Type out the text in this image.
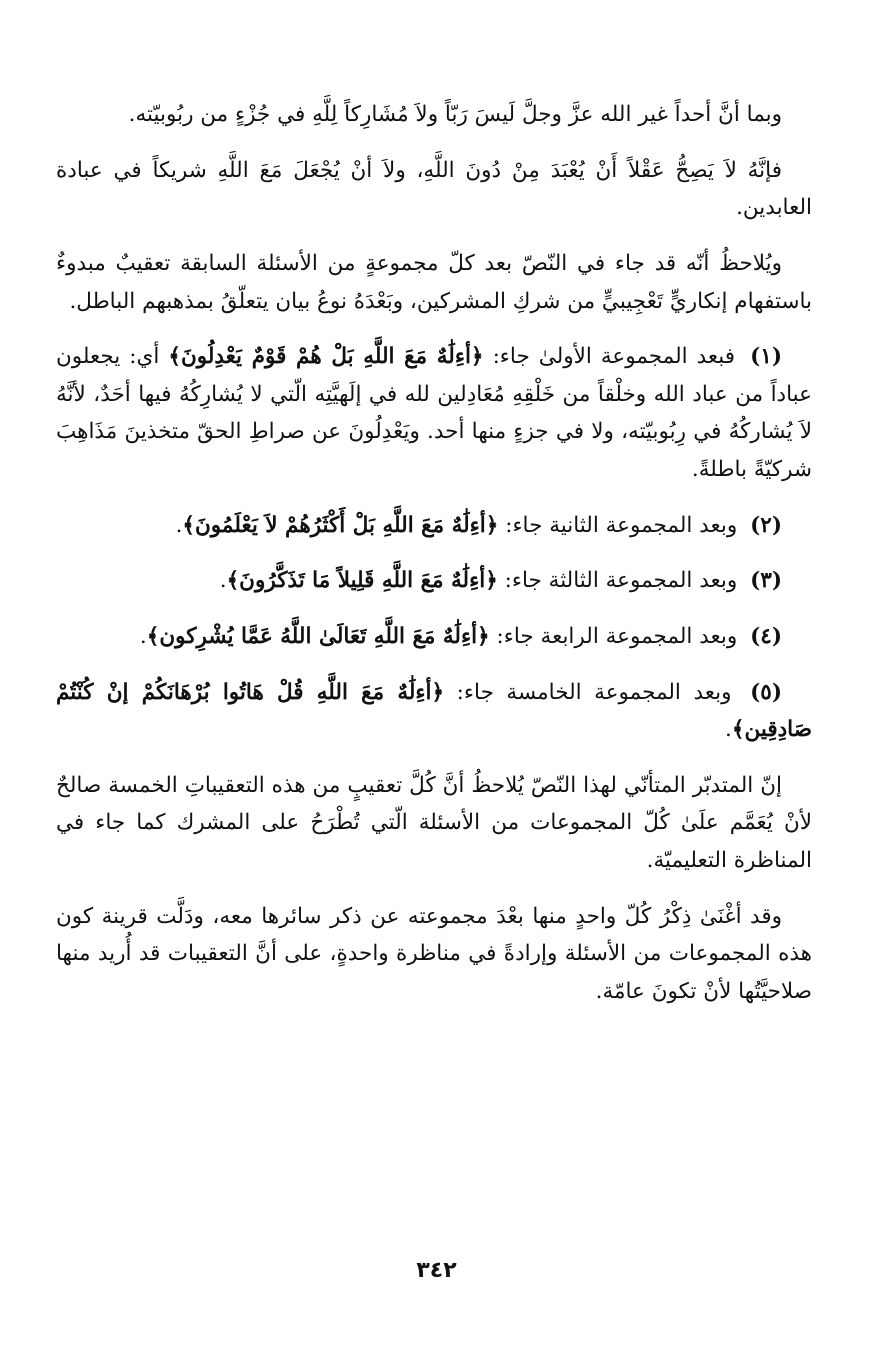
وبما أنَّ أحداً غير الله عزَّ وجلَّ لَيسَ رَبّاً ولاَ مُشَارِكاً لِلَّهِ في جُزْءٍ من ربُوبيّته.

فإنَّهُ لاَ يَصِحُّ عَقْلاً أَنْ يُعْبَدَ مِنْ دُونَ اللَّهِ، ولاَ أنْ يُجْعَلَ مَعَ اللَّهِ شريكاً في عبادة العابدين.

ويُلاحظُ أنّه قد جاء في النّصّ بعد كلّ مجموعةٍ من الأسئلة السابقة تعقيبٌ مبدوءٌ باستفهام إنكاريٍّ تَعْجِيبيٍّ من شركِ المشركين، وبَعْدَهُ نوعُ بيان يتعلّقُ بمذهبهم الباطل.

(١) فبعد المجموعة الأولىٰ جاء: ﴿أءِلَٰهٌ مَعَ اللَّهِ بَلْ هُمْ قَوْمٌ يَعْدِلُونَ﴾ أي: يجعلون عباداً من عباد الله وخلْقاً من خَلْقِهِ مُعَادِلين لله في إلَهيَّتِه الّتي لا يُشارِكُهُ فيها أحَدٌ، لأنَّهُ لاَ يُشاركُهُ في رِبُوبيّته، ولا في جزءٍ منها أحد. ويَعْدِلُونَ عن صراطِ الحقّ متخذينَ مَذَاهِبَ شركيّةً باطلةً.

(٢) وبعد المجموعة الثانية جاء: ﴿أءِلَٰهٌ مَعَ اللَّهِ بَلْ أَكْثَرُهُمْ لاَ يَعْلَمُونَ﴾.

(٣) وبعد المجموعة الثالثة جاء: ﴿أءِلَٰهٌ مَعَ اللَّهِ قَلِيلاً مَا تَذَكَّرُونَ﴾.

(٤) وبعد المجموعة الرابعة جاء: ﴿أءِلَٰهٌ مَعَ اللَّهِ تَعَالَىٰ اللَّهُ عَمَّا يُشْرِكون﴾.

(٥) وبعد المجموعة الخامسة جاء: ﴿أءِلَٰهٌ مَعَ اللَّهِ قُلْ هَاتُوا بُرْهَانَكُمْ إنْ كُنْتُمْ صَادِقِين﴾.

إنّ المتدبّر المتأنّي لهذا النّصّ يُلاحظُ أنَّ كُلَّ تعقيبٍ من هذه التعقيباتِ الخمسة صالحٌ لأنْ يُعَمَّم علَىٰ كُلّ المجموعات من الأسئلة الّتي تُطْرَحُ على المشرك كما جاء في المناظرة التعليميّة.

وقد أغْنَىٰ ذِكْرُ كُلّ واحدٍ منها بعْدَ مجموعته عن ذكر سائرها معه، ودَلَّت قرينة كون هذه المجموعات من الأسئلة وإرادةً في مناظرة واحدةٍ، على أنَّ التعقيبات قد أُريد منها صلاحيَّتُها لأنْ تكونَ عامّة.

٣٤٢
